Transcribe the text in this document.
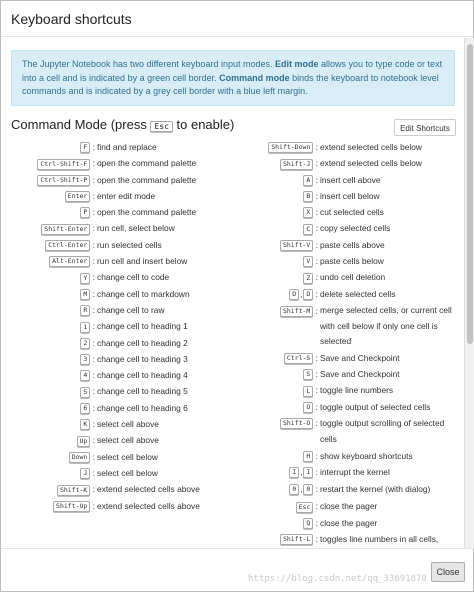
Keyboard shortcuts
The Jupyter Notebook has two different keyboard input modes. Edit mode allows you to type code or text into a cell and is indicated by a green cell border. Command mode binds the keyboard to notebook level commands and is indicated by a grey cell border with a blue left margin.
Command Mode (press Esc to enable)	Edit Shortcuts
F : find and replace
Ctrl-Shift-F : open the command palette
Ctrl-Shift-P : open the command palette
Enter : enter edit mode
P : open the command palette
Shift-Enter : run cell, select below
Ctrl-Enter : run selected cells
Alt-Enter : run cell and insert below
Y : change cell to code
M : change cell to markdown
R : change cell to raw
1 : change cell to heading 1
2 : change cell to heading 2
3 : change cell to heading 3
4 : change cell to heading 4
5 : change cell to heading 5
6 : change cell to heading 6
K : select cell above
Up : select cell above
Down : select cell below
J : select cell below
Shift-K : extend selected cells above
Shift-Up : extend selected cells above
Shift-Down : extend selected cells below
Shift-J : extend selected cells below
A : insert cell above
B : insert cell below
X : cut selected cells
C : copy selected cells
Shift-V : paste cells above
V : paste cells below
Z : undo cell deletion
D , D : delete selected cells
Shift-M : merge selected cells, or current cell with cell below if only one cell is selected
Ctrl-S : Save and Checkpoint
S : Save and Checkpoint
L : toggle line numbers
O : toggle output of selected cells
Shift-O : toggle output scrolling of selected cells
H : show keyboard shortcuts
I , I : interrupt the kernel
0 , 0 : restart the kernel (with dialog)
Esc : close the pager
Q : close the pager
Shift-L : toggles line numbers in all cells,
Close
https://blog.csdn.net/qq_33691870
